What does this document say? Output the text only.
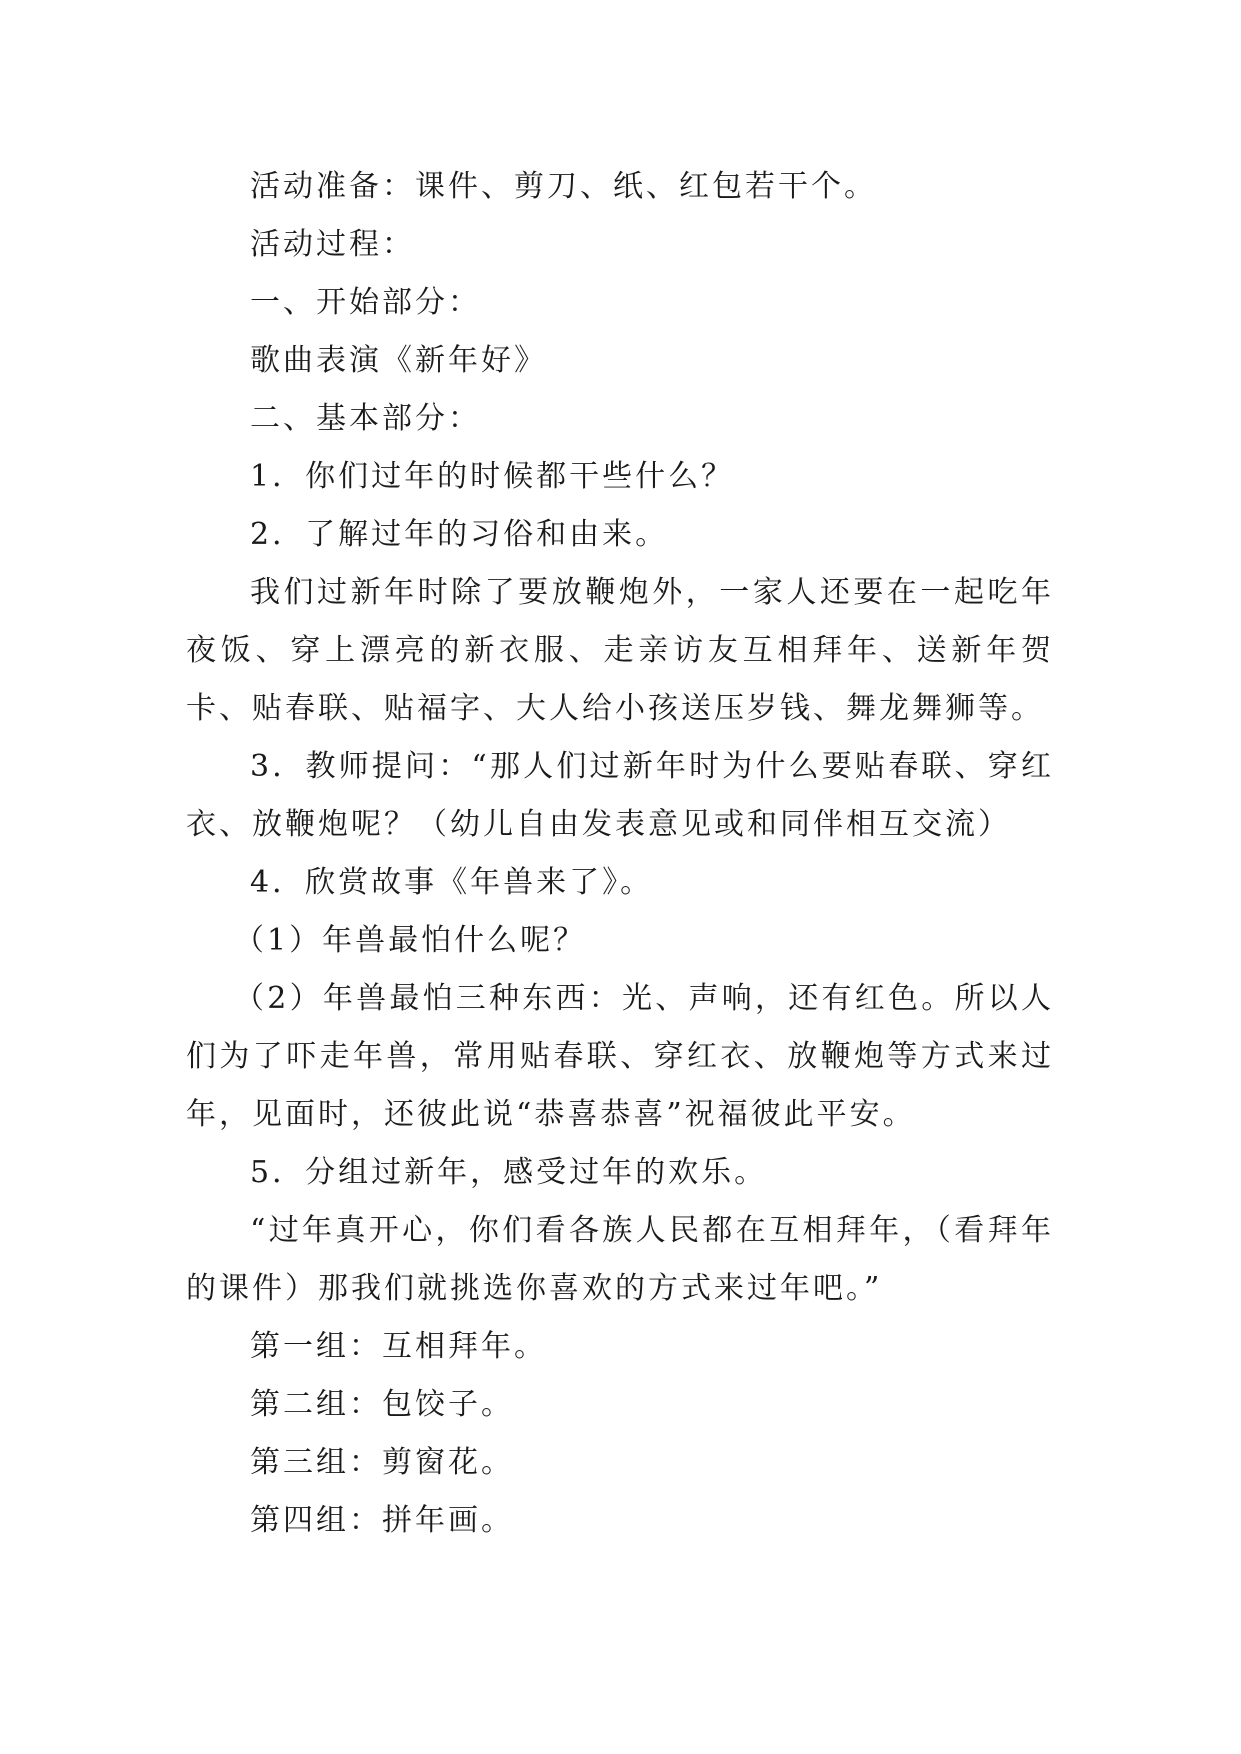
活动准备：课件、剪刀、纸、红包若干个。

活动过程：

一、开始部分：

歌曲表演《新年好》

二、基本部分：

1．你们过年的时候都干些什么？

2．了解过年的习俗和由来。

我们过新年时除了要放鞭炮外，一家人还要在一起吃年夜饭、穿上漂亮的新衣服、走亲访友互相拜年、送新年贺卡、贴春联、贴福字、大人给小孩送压岁钱、舞龙舞狮等。

3．教师提问：“那人们过新年时为什么要贴春联、穿红衣、放鞭炮呢？（幼儿自由发表意见或和同伴相互交流）

4．欣赏故事《年兽来了》。

（1）年兽最怕什么呢？

（2）年兽最怕三种东西：光、声响，还有红色。所以人们为了吓走年兽，常用贴春联、穿红衣、放鞭炮等方式来过年，见面时，还彼此说“恭喜恭喜”祝福彼此平安。

5．分组过新年，感受过年的欢乐。

“过年真开心，你们看各族人民都在互相拜年，（看拜年的课件）那我们就挑选你喜欢的方式来过年吧。”

第一组：互相拜年。

第二组：包饺子。

第三组：剪窗花。

第四组：拼年画。
